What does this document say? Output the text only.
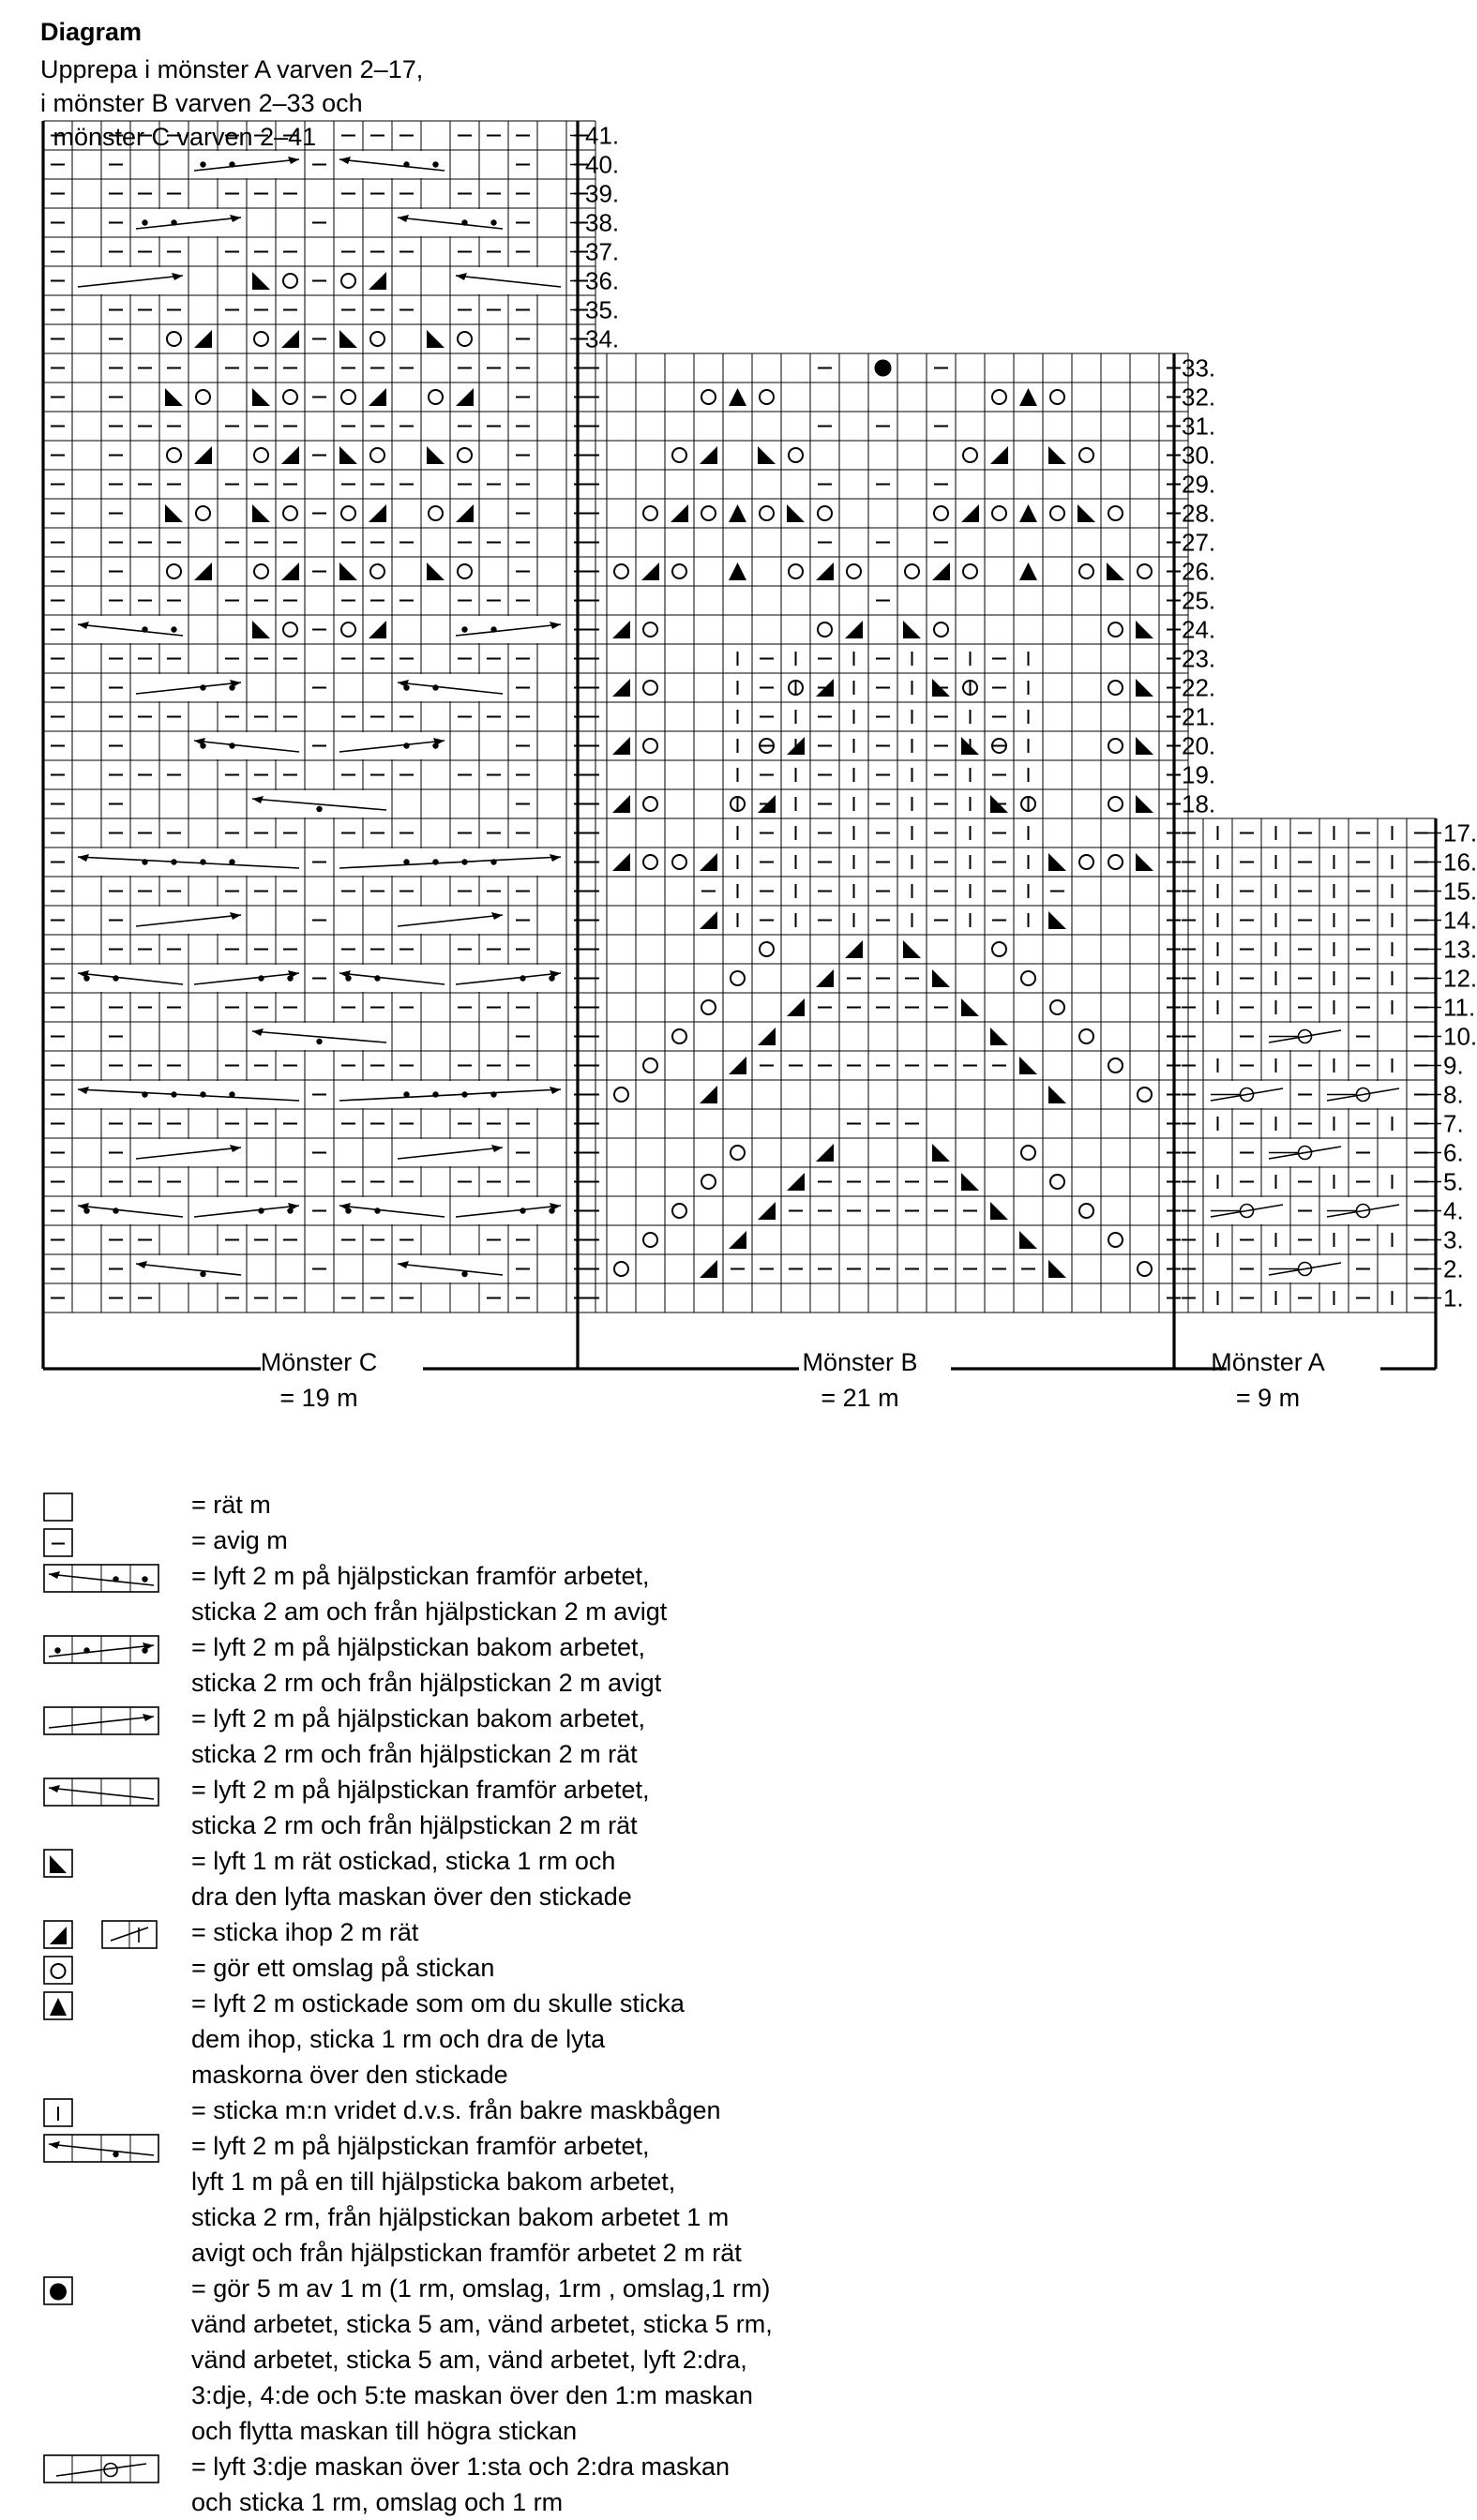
34.
35.
36.
37.
38.
39.
40.
41.
18.
19.
20.
21.
22.
23.
24.
25.
26.
27.
28.
29.
30.
31.
32.
33.
1.
2.
3.
4.
5.
6.
7.
8.
9.
10.
11.
12.
13.
14.
15.
16.
17.
Diagram
Upprepa i mönster A varven 2–17,
i mönster B varven 2–33 och
i mönster C varven 2–41
Mönster C
= 19 m
Mönster B
= 21 m
Mönster A
= 9 m
= rät m
= avig m
= lyft 2 m på hjälpstickan framför arbetet,
sticka 2 am och från hjälpstickan 2 m avigt
= lyft 2 m på hjälpstickan bakom arbetet,
sticka 2 rm och från hjälpstickan 2 m avigt
= lyft 2 m på hjälpstickan bakom arbetet,
sticka 2 rm och från hjälpstickan 2 m rät
= lyft 2 m på hjälpstickan framför arbetet,
sticka 2 rm och från hjälpstickan 2 m rät
= lyft 1 m rät ostickad, sticka 1 rm och
dra den lyfta maskan över den stickade
= sticka ihop 2 m rät
= gör ett omslag på stickan
= lyft 2 m ostickade som om du skulle sticka
dem ihop, sticka 1 rm och dra de lyta
maskorna över den stickade
= sticka m:n vridet d.v.s. från bakre maskbågen
= lyft 2 m på hjälpstickan framför arbetet,
lyft 1 m på en till hjälpsticka bakom arbetet,
sticka 2 rm, från hjälpstickan bakom arbetet 1 m
avigt och från hjälpstickan framför arbetet 2 m rät
= gör 5 m av 1 m (1 rm, omslag, 1rm , omslag,1 rm)
vänd arbetet, sticka 5 am, vänd arbetet, sticka 5 rm,
vänd arbetet, sticka 5 am, vänd arbetet, lyft 2:dra,
3:dje, 4:de och 5:te maskan över den 1:m maskan
och flytta maskan till högra stickan
= lyft 3:dje maskan över 1:sta och 2:dra maskan
och sticka 1 rm, omslag och 1 rm
